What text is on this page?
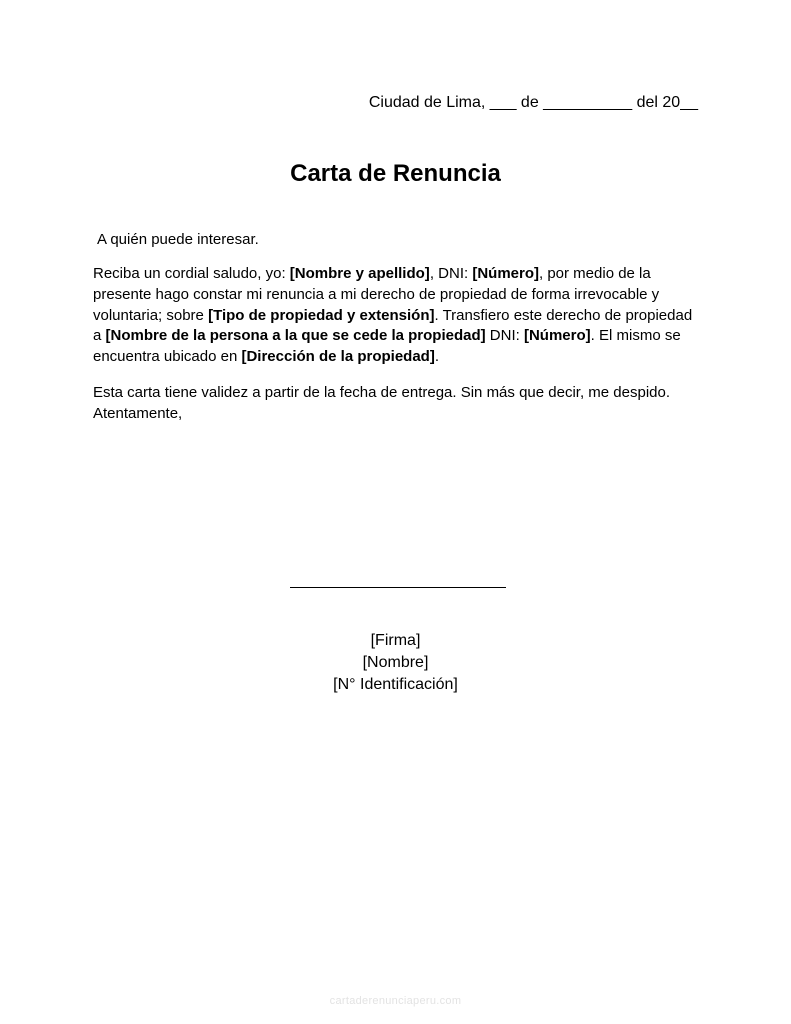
Ciudad de Lima, ___ de __________ del 20__
Carta de Renuncia

A quién puede interesar.

Reciba un cordial saludo, yo: [Nombre y apellido], DNI: [Número], por medio de la presente hago constar mi renuncia a mi derecho de propiedad de forma irrevocable y voluntaria; sobre [Tipo de propiedad y extensión]. Transfiero este derecho de propiedad a [Nombre de la persona a la que se cede la propiedad] DNI: [Número]. El mismo se encuentra ubicado en [Dirección de la propiedad].

Esta carta tiene validez a partir de la fecha de entrega. Sin más que decir, me despido.
Atentamente,

[Firma]
[Nombre]
[N° Identificación]
cartaderenunciaperu.com
